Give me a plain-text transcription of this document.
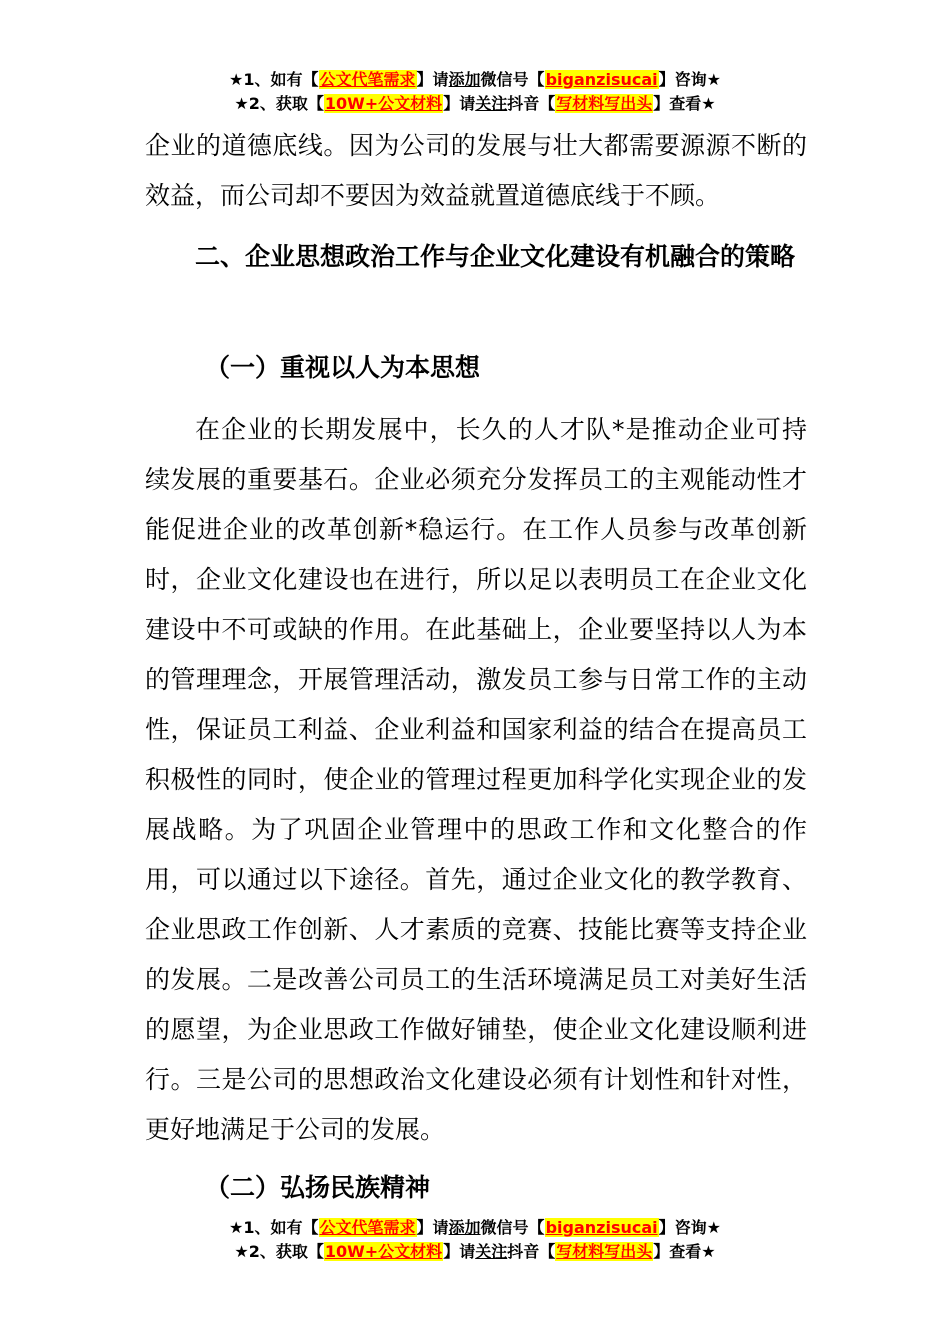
★1、如有【公文代笔需求】请添加微信号【biganzisucai】咨询★
★2、获取【10W+公文材料】请关注抖音【写材料写出头】查看★
企业的道德底线。因为公司的发展与壮大都需要源源不断的效益，而公司却不要因为效益就置道德底线于不顾。
二、企业思想政治工作与企业文化建设有机融合的策略
（一）重视以人为本思想
在企业的长期发展中，长久的人才队*是推动企业可持续发展的重要基石。企业必须充分发挥员工的主观能动性才能促进企业的改革创新*稳运行。在工作人员参与改革创新时，企业文化建设也在进行，所以足以表明员工在企业文化建设中不可或缺的作用。在此基础上，企业要坚持以人为本的管理理念，开展管理活动，激发员工参与日常工作的主动性，保证员工利益、企业利益和国家利益的结合在提高员工积极性的同时，使企业的管理过程更加科学化实现企业的发展战略。为了巩固企业管理中的思政工作和文化整合的作用，可以通过以下途径。首先，通过企业文化的教学教育、企业思政工作创新、人才素质的竞赛、技能比赛等支持企业的发展。二是改善公司员工的生活环境满足员工对美好生活的愿望，为企业思政工作做好铺垫，使企业文化建设顺利进行。三是公司的思想政治文化建设必须有计划性和针对性，更好地满足于公司的发展。
（二）弘扬民族精神
★1、如有【公文代笔需求】请添加微信号【biganzisucai】咨询★
★2、获取【10W+公文材料】请关注抖音【写材料写出头】查看★
